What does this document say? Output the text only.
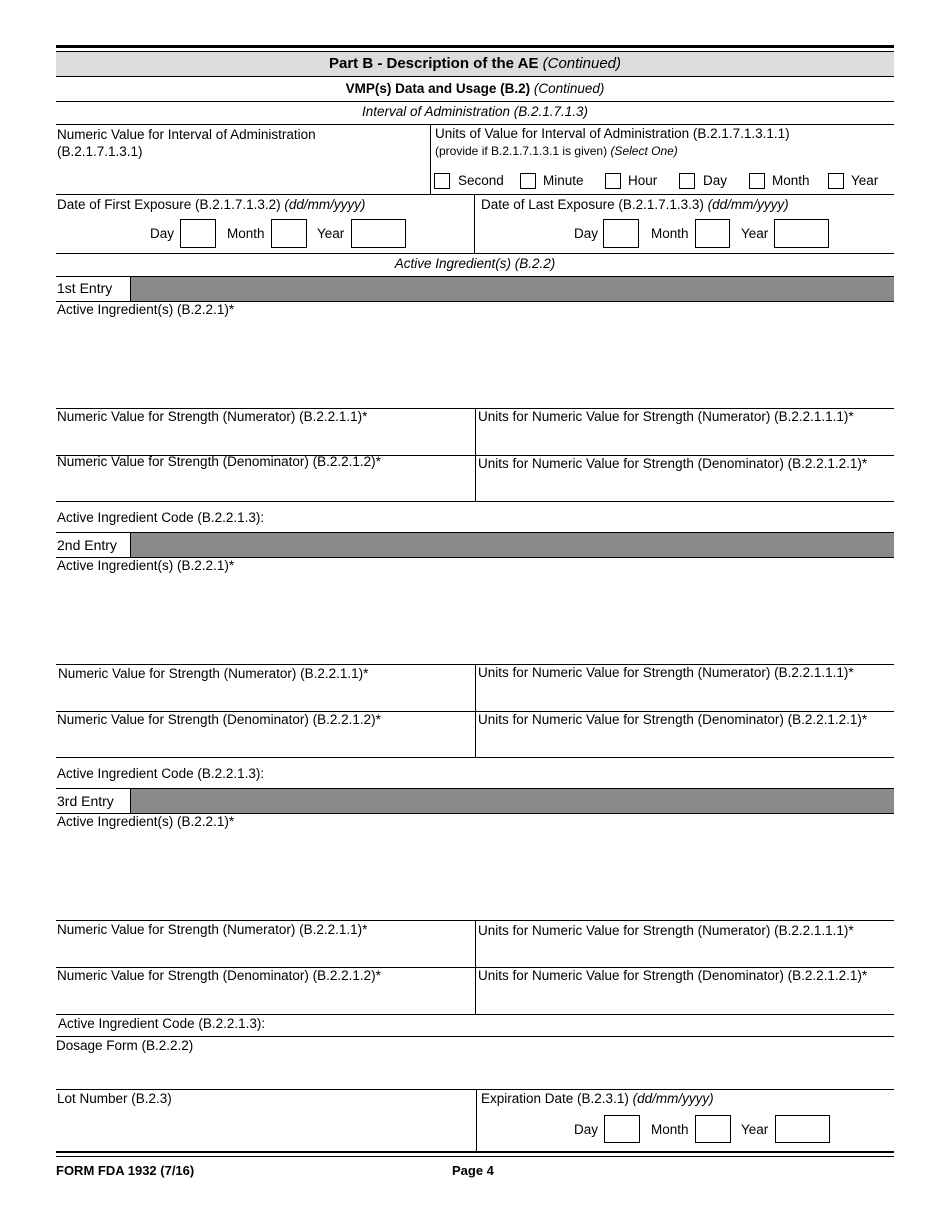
Part B - Description of the AE (Continued)
VMP(s) Data and Usage (B.2) (Continued)
Interval of Administration (B.2.1.7.1.3)
Numeric Value for Interval of Administration
(B.2.1.7.1.3.1)
Units of Value for Interval of Administration (B.2.1.7.1.3.1.1)
(provide if B.2.1.7.1.3.1 is given) (Select One)
Second	Minute	Hour	Day	Month	Year
Date of First Exposure (B.2.1.7.1.3.2) (dd/mm/yyyy)	Date of Last Exposure (B.2.1.7.1.3.3) (dd/mm/yyyy)
Day	Month	Year	Day	Month	Year
Active Ingredient(s) (B.2.2)
1st Entry
Active Ingredient(s) (B.2.2.1)*
Numeric Value for Strength (Numerator) (B.2.2.1.1)*	Units for Numeric Value for Strength (Numerator) (B.2.2.1.1.1)*
Numeric Value for Strength (Denominator) (B.2.2.1.2)*	Units for Numeric Value for Strength (Denominator) (B.2.2.1.2.1)*
Active Ingredient Code (B.2.2.1.3):
2nd Entry
Active Ingredient(s) (B.2.2.1)*
Numeric Value for Strength (Numerator) (B.2.2.1.1)*	Units for Numeric Value for Strength (Numerator) (B.2.2.1.1.1)*
Numeric Value for Strength (Denominator) (B.2.2.1.2)*	Units for Numeric Value for Strength (Denominator) (B.2.2.1.2.1)*
Active Ingredient Code (B.2.2.1.3):
3rd Entry
Active Ingredient(s) (B.2.2.1)*
Numeric Value for Strength (Numerator) (B.2.2.1.1)*	Units for Numeric Value for Strength (Numerator) (B.2.2.1.1.1)*
Numeric Value for Strength (Denominator) (B.2.2.1.2)*	Units for Numeric Value for Strength (Denominator) (B.2.2.1.2.1)*
Active Ingredient Code (B.2.2.1.3):
Dosage Form (B.2.2.2)
Lot Number (B.2.3)	Expiration Date (B.2.3.1) (dd/mm/yyyy)
Day	Month	Year
FORM FDA 1932 (7/16)	Page 4
